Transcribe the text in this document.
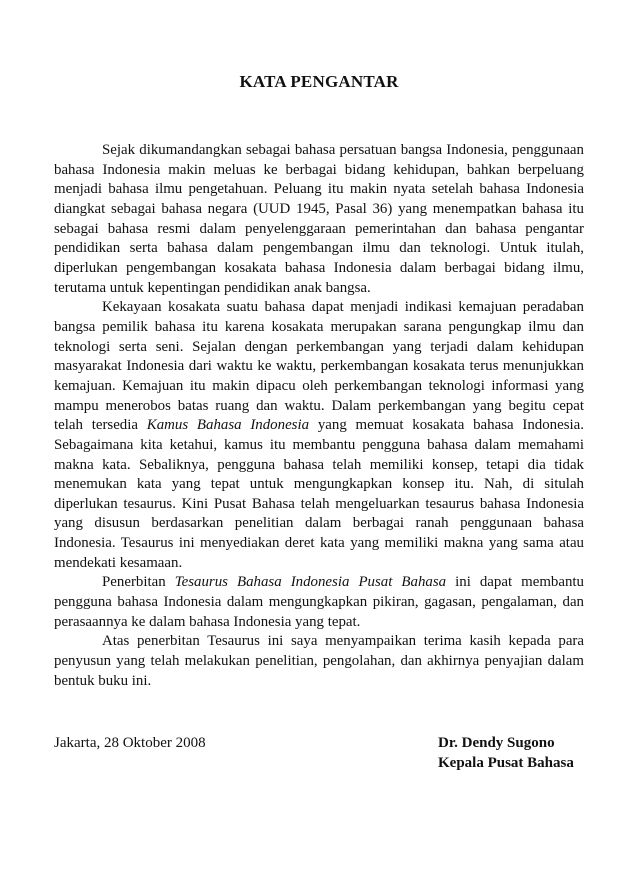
KATA PENGANTAR

Sejak dikumandangkan sebagai bahasa persatuan bangsa Indonesia, penggunaan bahasa Indonesia makin meluas ke berbagai bidang kehidupan, bahkan berpeluang menjadi bahasa ilmu pengetahuan. Peluang itu makin nyata setelah bahasa Indonesia diangkat sebagai bahasa negara (UUD 1945, Pasal 36) yang menempatkan bahasa itu sebagai bahasa resmi dalam penyelenggaraan pemerintahan dan bahasa pengantar pendidikan serta bahasa dalam pengembangan ilmu dan teknologi. Untuk itulah, diperlukan pengembangan kosakata bahasa Indonesia dalam berbagai bidang ilmu, terutama untuk kepentingan pendidikan anak bangsa.

Kekayaan kosakata suatu bahasa dapat menjadi indikasi kemajuan peradaban bangsa pemilik bahasa itu karena kosakata merupakan sarana pengungkap ilmu dan teknologi serta seni. Sejalan dengan perkembangan yang terjadi dalam kehidupan masyarakat Indonesia dari waktu ke waktu, perkembangan kosakata terus menunjukkan kemajuan. Kemajuan itu makin dipacu oleh perkembangan teknologi informasi yang mampu menerobos batas ruang dan waktu. Dalam perkembangan yang begitu cepat telah tersedia Kamus Bahasa Indonesia yang memuat kosakata bahasa Indonesia. Sebagaimana kita ketahui, kamus itu membantu pengguna bahasa dalam memahami makna kata. Sebaliknya, pengguna bahasa telah memiliki konsep, tetapi dia tidak menemukan kata yang tepat untuk mengungkapkan konsep itu. Nah, di situlah diperlukan tesaurus. Kini Pusat Bahasa telah mengeluarkan tesaurus bahasa Indonesia yang disusun berdasarkan penelitian dalam berbagai ranah penggunaan bahasa Indonesia. Tesaurus ini menyediakan deret kata yang memiliki makna yang sama atau mendekati kesamaan.

Penerbitan Tesaurus Bahasa Indonesia Pusat Bahasa ini dapat membantu pengguna bahasa Indonesia dalam mengungkapkan pikiran, gagasan, pengalaman, dan perasaannya ke dalam bahasa Indonesia yang tepat.

Atas penerbitan Tesaurus ini saya menyampaikan terima kasih kepada para penyusun yang telah melakukan penelitian, pengolahan, dan akhirnya penyajian dalam bentuk buku ini.

Jakarta, 28 Oktober 2008	Dr. Dendy Sugono
Kepala Pusat Bahasa
